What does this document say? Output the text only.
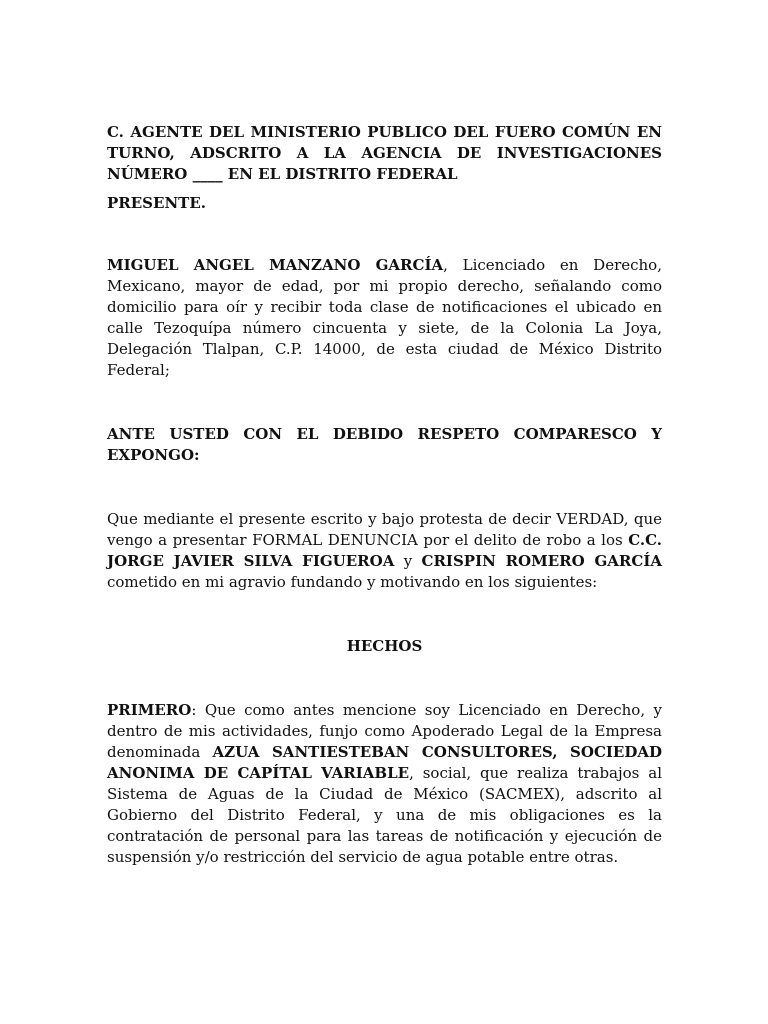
C. AGENTE DEL MINISTERIO PUBLICO DEL FUERO COMÚN EN TURNO, ADSCRITO A LA AGENCIA DE INVESTIGACIONES NÚMERO ____ EN EL DISTRITO FEDERAL

PRESENTE.

MIGUEL ANGEL MANZANO GARCÍA, Licenciado en Derecho, Mexicano, mayor de edad, por mi propio derecho, señalando como domicilio para oír y recibir toda clase de notificaciones el ubicado en calle Tezoquípa número cincuenta y siete, de la Colonia La Joya, Delegación Tlalpan, C.P. 14000, de esta ciudad de México Distrito Federal;

ANTE USTED CON EL DEBIDO RESPETO COMPARESCO Y EXPONGO:

Que mediante el presente escrito y bajo protesta de decir VERDAD, que vengo a presentar FORMAL DENUNCIA por el delito de robo a los C.C. JORGE JAVIER SILVA FIGUEROA y CRISPIN ROMERO GARCÍA cometido en mi agravio fundando y motivando en los siguientes:

HECHOS

PRIMERO: Que como antes mencione soy Licenciado en Derecho, y dentro de mis actividades, funjo como Apoderado Legal de la Empresa denominada AZUA SANTIESTEBAN CONSULTORES, SOCIEDAD ANONIMA DE CAPÍTAL VARIABLE, social, que realiza trabajos al Sistema de Aguas de la Ciudad de México (SACMEX), adscrito al Gobierno del Distrito Federal, y una de mis obligaciones es la contratación de personal para las tareas de notificación y ejecución de suspensión y/o restricción del servicio de agua potable entre otras.
